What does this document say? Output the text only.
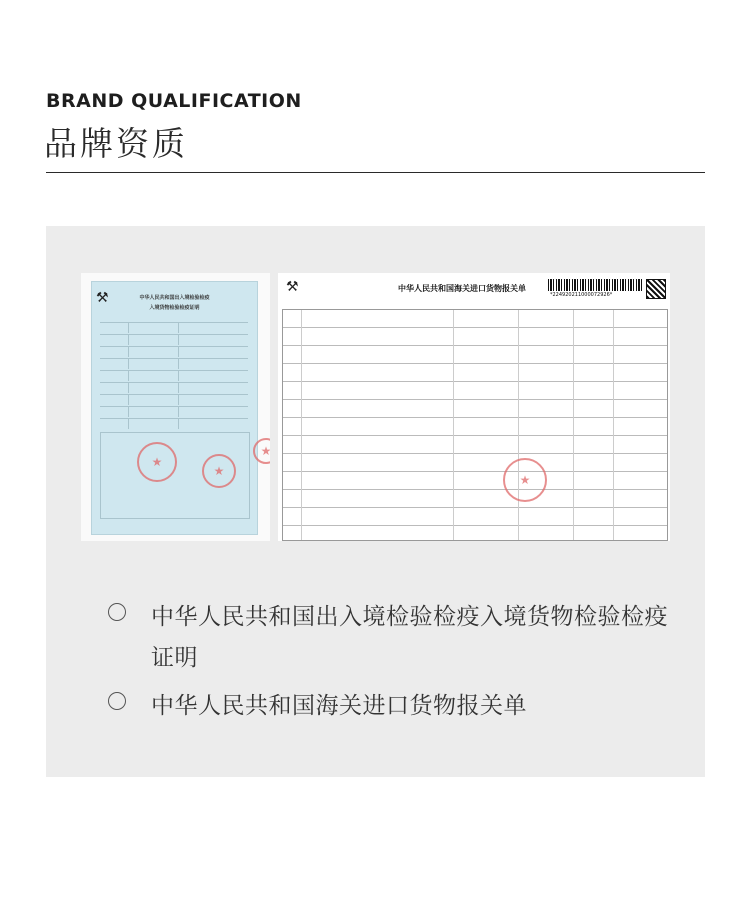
BRAND QUALIFICATION
品牌资质
⚒	中华人民共和国出入境检验检疫
入境货物检验检疫证明
★
★
★
⚒	中华人民共和国海关进口货物报关单
*224920211000072926*
★
中华人民共和国出入境检验检疫入境货物检验检疫证明
中华人民共和国海关进口货物报关单
